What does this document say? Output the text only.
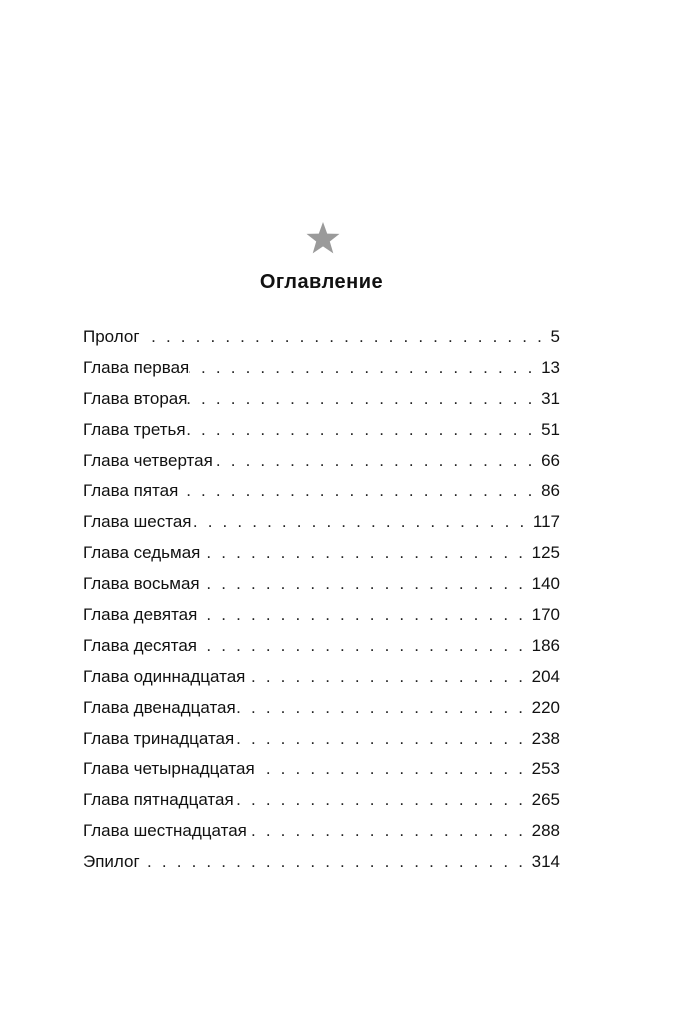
Оглавление
Пролог . . .	5
Глава первая . . .	13
Глава вторая . . .	31
Глава третья . . .	51
Глава четвертая . . .	66
Глава пятая . . .	86
Глава шестая . . .	117
Глава седьмая . . .	125
Глава восьмая . . .	140
Глава девятая . . .	170
Глава десятая . . .	186
Глава одиннадцатая . . .	204
Глава двенадцатая . . .	220
Глава тринадцатая . . .	238
Глава четырнадцатая . . .	253
Глава пятнадцатая . . .	265
Глава шестнадцатая . . .	288
Эпилог . . .	314
